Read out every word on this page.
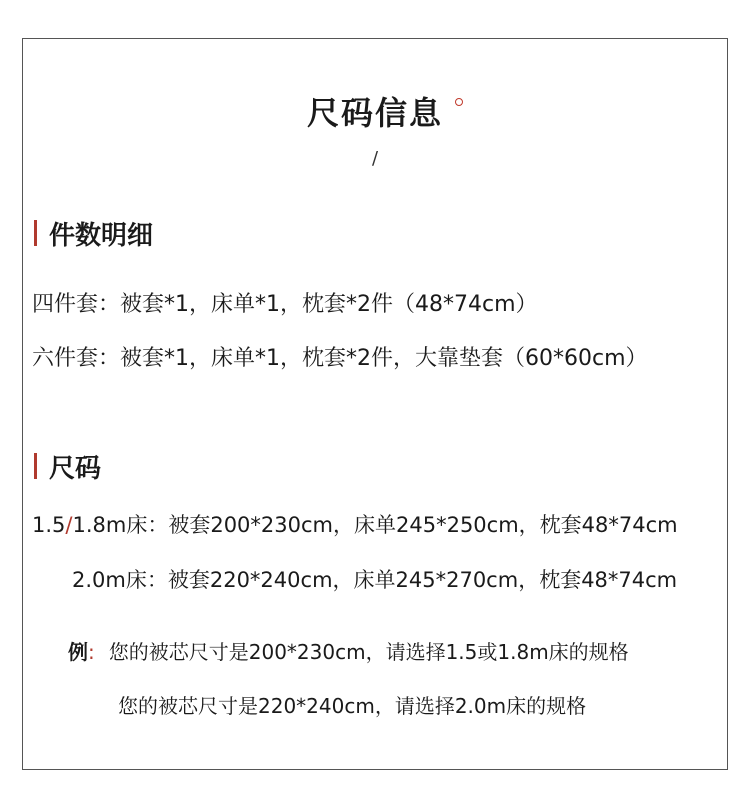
尺码信息
/
件数明细
四件套：被套*1，床单*1，枕套*2件（48*74cm）
六件套：被套*1，床单*1，枕套*2件，大靠垫套（60*60cm）
尺码
1.5/1.8m床：被套200*230cm，床单245*250cm，枕套48*74cm
2.0m床：被套220*240cm，床单245*270cm，枕套48*74cm
例: 您的被芯尺寸是200*230cm，请选择1.5或1.8m床的规格
您的被芯尺寸是220*240cm，请选择2.0m床的规格
